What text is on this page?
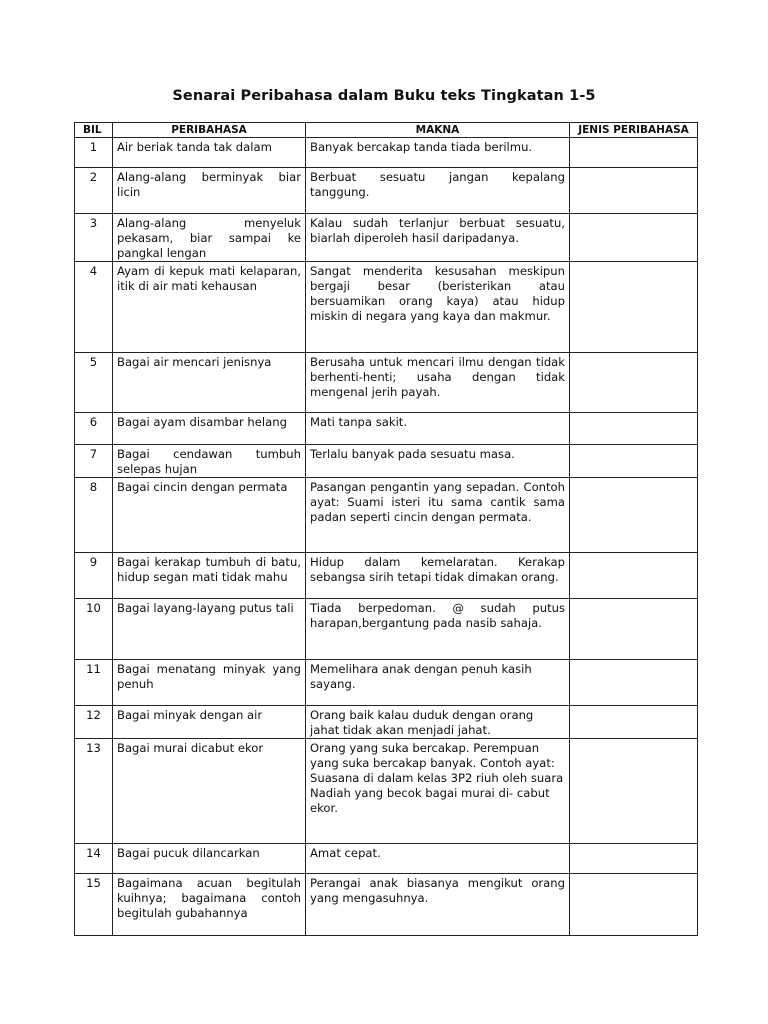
Senarai Peribahasa dalam Buku teks Tingkatan 1-5
BIL	PERIBAHASA	MAKNA	JENIS PERIBAHASA
1	Air beriak tanda tak dalam	Banyak bercakap tanda tiada berilmu.	
2	Alang-alang berminyak biar licin	Berbuat sesuatu jangan kepalang tanggung.	
3	Alang-alang menyeluk pekasam, biar sampai ke pangkal lengan	Kalau sudah terlanjur berbuat sesuatu, biarlah diperoleh hasil daripadanya.	
4	Ayam di kepuk mati kelaparan, itik di air mati kehausan	Sangat menderita kesusahan meskipun bergaji besar (beristerikan atau bersuamikan orang kaya) atau hidup miskin di negara yang kaya dan makmur.	
5	Bagai air mencari jenisnya	Berusaha untuk mencari ilmu dengan tidak berhenti-henti; usaha dengan tidak mengenal jerih payah.	
6	Bagai ayam disambar helang	Mati tanpa sakit.	
7	Bagai cendawan tumbuh selepas hujan	Terlalu banyak pada sesuatu masa.	
8	Bagai cincin dengan permata	Pasangan pengantin yang sepadan. Contoh ayat: Suami isteri itu sama cantik sama padan seperti cincin dengan permata.	
9	Bagai kerakap tumbuh di batu, hidup segan mati tidak mahu	Hidup dalam kemelaratan. Kerakap sebangsa sirih tetapi tidak dimakan orang.	
10	Bagai layang-layang putus tali	Tiada berpedoman. @ sudah putus harapan,bergantung pada nasib sahaja.	
11	Bagai menatang minyak yang penuh	Memelihara anak dengan penuh kasih sayang.	
12	Bagai minyak dengan air	Orang baik kalau duduk dengan orang jahat tidak akan menjadi jahat.	
13	Bagai murai dicabut ekor	Orang yang suka bercakap. Perempuan yang suka bercakap banyak. Contoh ayat: Suasana di dalam kelas 3P2 riuh oleh suara Nadiah yang becok bagai murai di- cabut ekor.	
14	Bagai pucuk dilancarkan	Amat cepat.	
15	Bagaimana acuan begitulah kuihnya; bagaimana contoh begitulah gubahannya	Perangai anak biasanya mengikut orang yang mengasuhnya.	
